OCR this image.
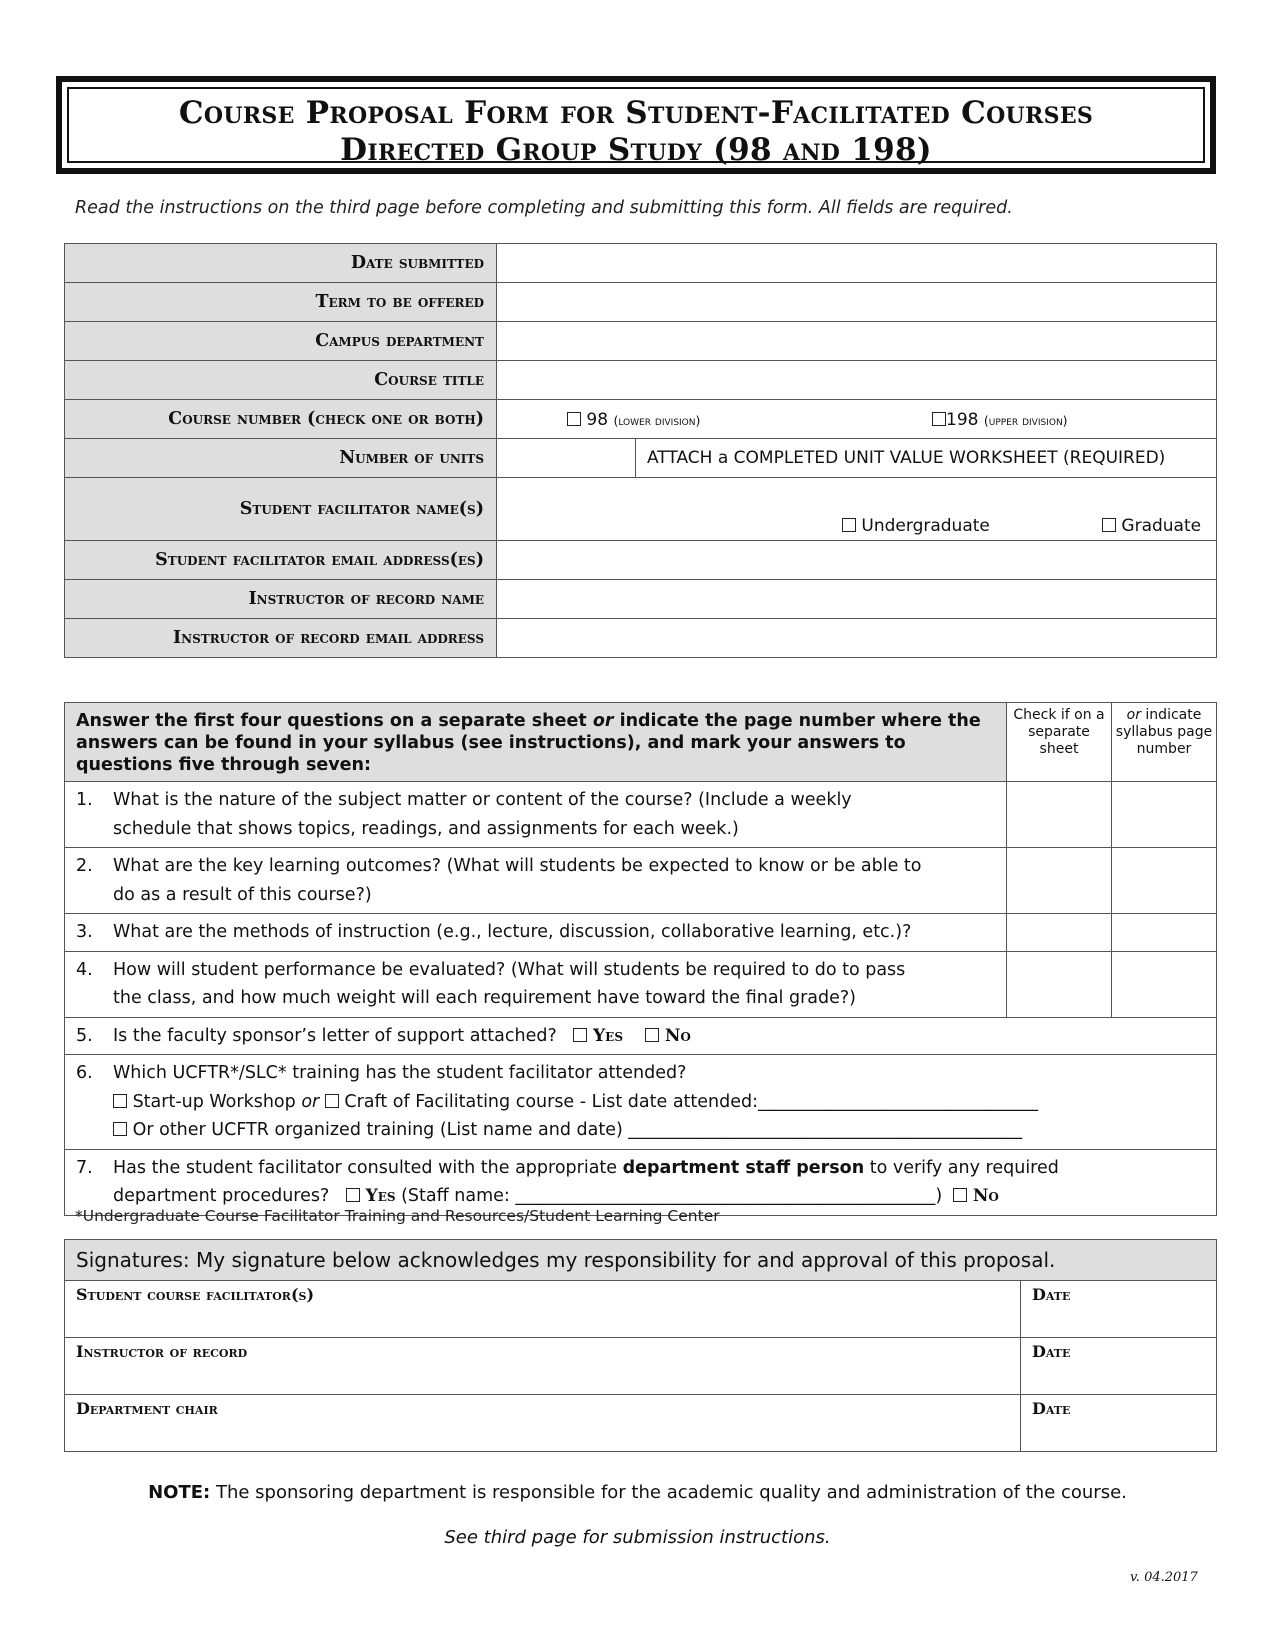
Course Proposal Form for Student-Facilitated Courses
Directed Group Study (98 and 198)
Read the instructions on the third page before completing and submitting this form. All fields are required.
Date submitted		
Term to be offered		
Campus department		
Course title		
Course number (check one or both)	98 (lower division) 198 (upper division)	

Number of units		ATTACH a COMPLETED UNIT VALUE WORKSHEET (REQUIRED)
Student facilitator name(s)	Undergraduate Graduate	

Student facilitator email address(es)		
Instructor of record name		
Instructor of record email address		
Answer the first four questions on a separate sheet or indicate the page number where the answers can be found in your syllabus (see instructions), and mark your answers to questions five through seven:	Check if on a separate sheet	or indicate syllabus page number
1. What is the nature of the subject matter or content of the course? (Include a weekly
schedule that shows topics, readings, and assignments for each week.)		
2. What are the key learning outcomes? (What will students be expected to know or be able to
do as a result of this course?)		
3. What are the methods of instruction (e.g., lecture, discussion, collaborative learning, etc.)?		
4. How will student performance be evaluated? (What will students be required to do to pass
the class, and how much weight will each requirement have toward the final grade?)		
5. Is the faculty sponsor’s letter of support attached? Yes No		
6. Which UCFTR*/SLC* training has the student facilitator attended?
Start-up Workshop or Craft of Facilitating course - List date attended:________________________________
Or other UCFTR organized training (List name and date) _____________________________________________		
7. Has the student facilitator consulted with the appropriate department staff person to verify any required
department procedures? Yes (Staff name: ________________________________________________) No		
*Undergraduate Course Facilitator Training and Resources/Student Learning Center
Signatures: My signature below acknowledges my responsibility for and approval of this proposal.	
Student course facilitator(s)	Date
Instructor of record	Date
Department chair	Date
NOTE: The sponsoring department is responsible for the academic quality and administration of the course.
See third page for submission instructions.
v. 04.2017
